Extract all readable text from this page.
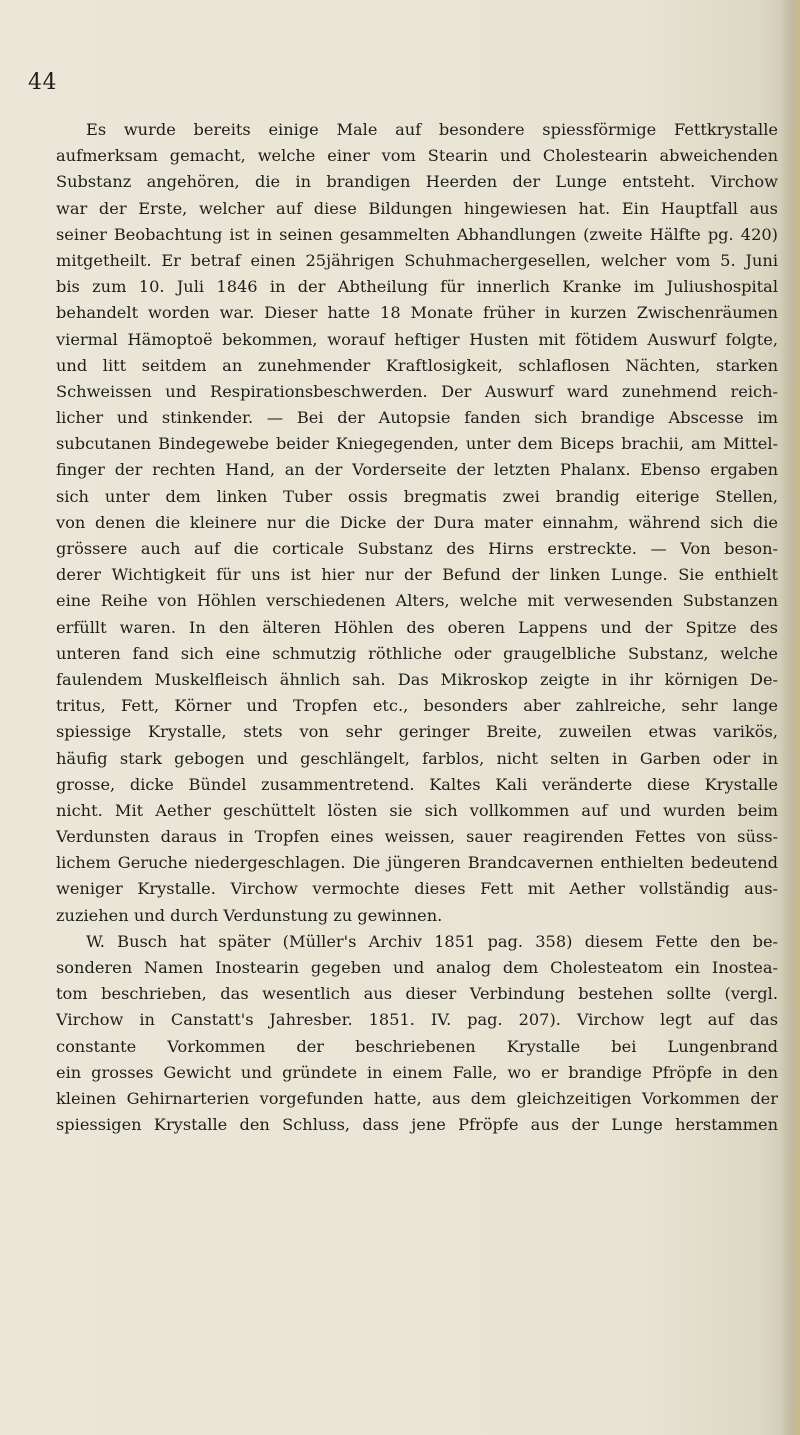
44

Es wurde bereits einige Male auf besondere spiessförmige Fettkrystalle
aufmerksam gemacht, welche einer vom Stearin und Cholestearin abweichenden
Substanz angehören, die in brandigen Heerden der Lunge entsteht. Virchow
war der Erste, welcher auf diese Bildungen hingewiesen hat. Ein Hauptfall aus
seiner Beobachtung ist in seinen gesammelten Abhandlungen (zweite Hälfte pg. 420)
mitgetheilt. Er betraf einen 25jährigen Schuhmachergesellen, welcher vom 5. Juni
bis zum 10. Juli 1846 in der Abtheilung für innerlich Kranke im Juliushospital
behandelt worden war. Dieser hatte 18 Monate früher in kurzen Zwischenräumen
viermal Hämoptoë bekommen, worauf heftiger Husten mit fötidem Auswurf folgte,
und litt seitdem an zunehmender Kraftlosigkeit, schlaflosen Nächten, starken
Schweissen und Respirationsbeschwerden. Der Auswurf ward zunehmend reich-
licher und stinkender. — Bei der Autopsie fanden sich brandige Abscesse im
subcutanen Bindegewebe beider Kniegegenden, unter dem Biceps brachii, am Mittel-
finger der rechten Hand, an der Vorderseite der letzten Phalanx. Ebenso ergaben
sich unter dem linken Tuber ossis bregmatis zwei brandig eiterige Stellen,
von denen die kleinere nur die Dicke der Dura mater einnahm, während sich die
grössere auch auf die corticale Substanz des Hirns erstreckte. — Von beson-
derer Wichtigkeit für uns ist hier nur der Befund der linken Lunge. Sie enthielt
eine Reihe von Höhlen verschiedenen Alters, welche mit verwesenden Substanzen
erfüllt waren. In den älteren Höhlen des oberen Lappens und der Spitze des
unteren fand sich eine schmutzig röthliche oder graugelbliche Substanz, welche
faulendem Muskelfleisch ähnlich sah. Das Mikroskop zeigte in ihr körnigen De-
tritus, Fett, Körner und Tropfen etc., besonders aber zahlreiche, sehr lange
spiessige Krystalle, stets von sehr geringer Breite, zuweilen etwas varikös,
häufig stark gebogen und geschlängelt, farblos, nicht selten in Garben oder in
grosse, dicke Bündel zusammentretend. Kaltes Kali veränderte diese Krystalle
nicht. Mit Aether geschüttelt lösten sie sich vollkommen auf und wurden beim
Verdunsten daraus in Tropfen eines weissen, sauer reagirenden Fettes von süss-
lichem Geruche niedergeschlagen. Die jüngeren Brandcavernen enthielten bedeutend
weniger Krystalle. Virchow vermochte dieses Fett mit Aether vollständig aus-
zuziehen und durch Verdunstung zu gewinnen.
W. Busch hat später (Müller's Archiv 1851 pag. 358) diesem Fette den be-
sonderen Namen Inostearin gegeben und analog dem Cholesteatom ein Inostea-
tom beschrieben, das wesentlich aus dieser Verbindung bestehen sollte (vergl.
Virchow in Canstatt's Jahresber. 1851. IV. pag. 207). Virchow legt auf das
constante Vorkommen der beschriebenen Krystalle bei Lungenbrand
ein grosses Gewicht und gründete in einem Falle, wo er brandige Pfröpfe in den
kleinen Gehirnarterien vorgefunden hatte, aus dem gleichzeitigen Vorkommen der
spiessigen Krystalle den Schluss, dass jene Pfröpfe aus der Lunge herstammen
